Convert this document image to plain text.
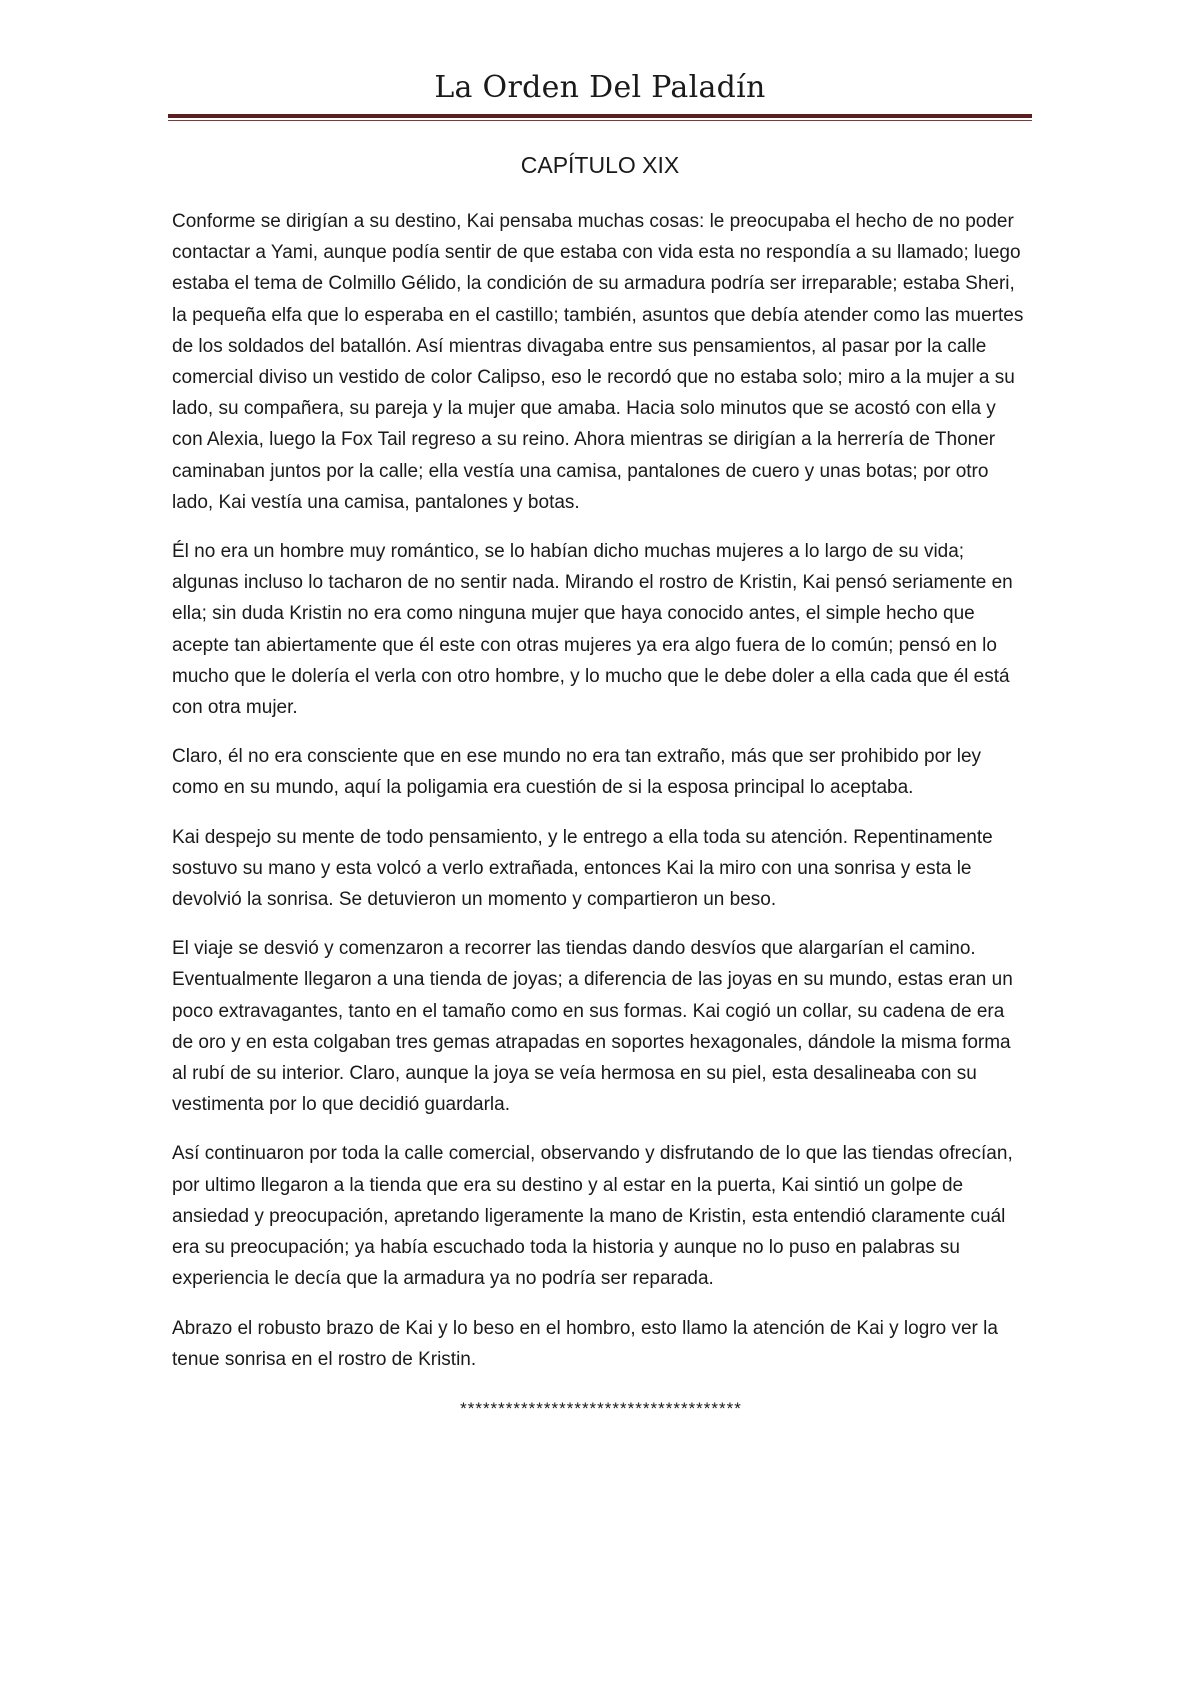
La Orden Del Paladín
CAPÍTULO XIX

Conforme se dirigían a su destino, Kai pensaba muchas cosas: le preocupaba el hecho de no poder contactar a Yami, aunque podía sentir de que estaba con vida esta no respondía a su llamado; luego estaba el tema de Colmillo Gélido, la condición de su armadura podría ser irreparable; estaba Sheri, la pequeña elfa que lo esperaba en el castillo; también, asuntos que debía atender como las muertes de los soldados del batallón. Así mientras divagaba entre sus pensamientos, al pasar por la calle comercial diviso un vestido de color Calipso, eso le recordó que no estaba solo; miro a la mujer a su lado, su compañera, su pareja y la mujer que amaba. Hacia solo minutos que se acostó con ella y con Alexia, luego la Fox Tail regreso a su reino. Ahora mientras se dirigían a la herrería de Thoner caminaban juntos por la calle; ella vestía una camisa, pantalones de cuero y unas botas; por otro lado, Kai vestía una camisa, pantalones y botas.

Él no era un hombre muy romántico, se lo habían dicho muchas mujeres a lo largo de su vida; algunas incluso lo tacharon de no sentir nada. Mirando el rostro de Kristin, Kai pensó seriamente en ella; sin duda Kristin no era como ninguna mujer que haya conocido antes, el simple hecho que acepte tan abiertamente que él este con otras mujeres ya era algo fuera de lo común; pensó en lo mucho que le dolería el verla con otro hombre, y lo mucho que le debe doler a ella cada que él está con otra mujer.

Claro, él no era consciente que en ese mundo no era tan extraño, más que ser prohibido por ley como en su mundo, aquí la poligamia era cuestión de si la esposa principal lo aceptaba.

Kai despejo su mente de todo pensamiento, y le entrego a ella toda su atención. Repentinamente sostuvo su mano y esta volcó a verlo extrañada, entonces Kai la miro con una sonrisa y esta le devolvió la sonrisa. Se detuvieron un momento y compartieron un beso.

El viaje se desvió y comenzaron a recorrer las tiendas dando desvíos que alargarían el camino. Eventualmente llegaron a una tienda de joyas; a diferencia de las joyas en su mundo, estas eran un poco extravagantes, tanto en el tamaño como en sus formas. Kai cogió un collar, su cadena de era de oro y en esta colgaban tres gemas atrapadas en soportes hexagonales, dándole la misma forma al rubí de su interior. Claro, aunque la joya se veía hermosa en su piel, esta desalineaba con su vestimenta por lo que decidió guardarla.

Así continuaron por toda la calle comercial, observando y disfrutando de lo que las tiendas ofrecían, por ultimo llegaron a la tienda que era su destino y al estar en la puerta, Kai sintió un golpe de ansiedad y preocupación, apretando ligeramente la mano de Kristin, esta entendió claramente cuál era su preocupación; ya había escuchado toda la historia y aunque no lo puso en palabras su experiencia le decía que la armadura ya no podría ser reparada.

Abrazo el robusto brazo de Kai y lo beso en el hombro, esto llamo la atención de Kai y logro ver la tenue sonrisa en el rostro de Kristin.

*************************************
